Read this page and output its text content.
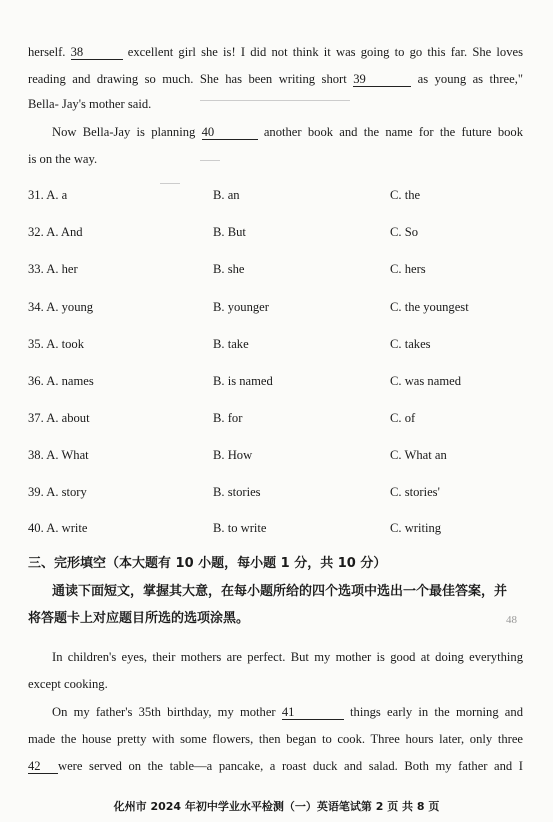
herself. 38	excellent girl she is! I did not think it was going to go this far. She loves
reading and drawing so much. She has been writing short 39	as young as three,"
Bella- Jay's mother said.
Now Bella-Jay is planning 40	another book and the name for the future book
is on the way.
31. A. a	B. an	C. the
32. A. And	B. But	C. So
33. A. her	B. she	C. hers
34. A. young	B. younger	C. the youngest
35. A. took	B. take	C. takes
36. A. names	B. is named	C. was named
37. A. about	B. for	C. of
38. A. What	B. How	C. What an
39. A. story	B. stories	C. stories'
40. A. write	B. to write	C. writing
三、完形填空（本大题有 10 小题，每小题 1 分，共 10 分）
通读下面短文，掌握其大意，在每小题所给的四个选项中选出一个最佳答案，并
将答题卡上对应题目所选的选项涂黑。	48
In children's eyes, their mothers are perfect. But my mother is good at doing everything
except cooking.
On my father's 35th birthday, my mother 41	things early in the morning and
made the house pretty with some flowers, then began to cook. Three hours later, only three
42 were served on the table—a pancake, a roast duck and salad. Both my father and I
化州市 2024 年初中学业水平检测（一）英语笔试第 2 页 共 8 页
